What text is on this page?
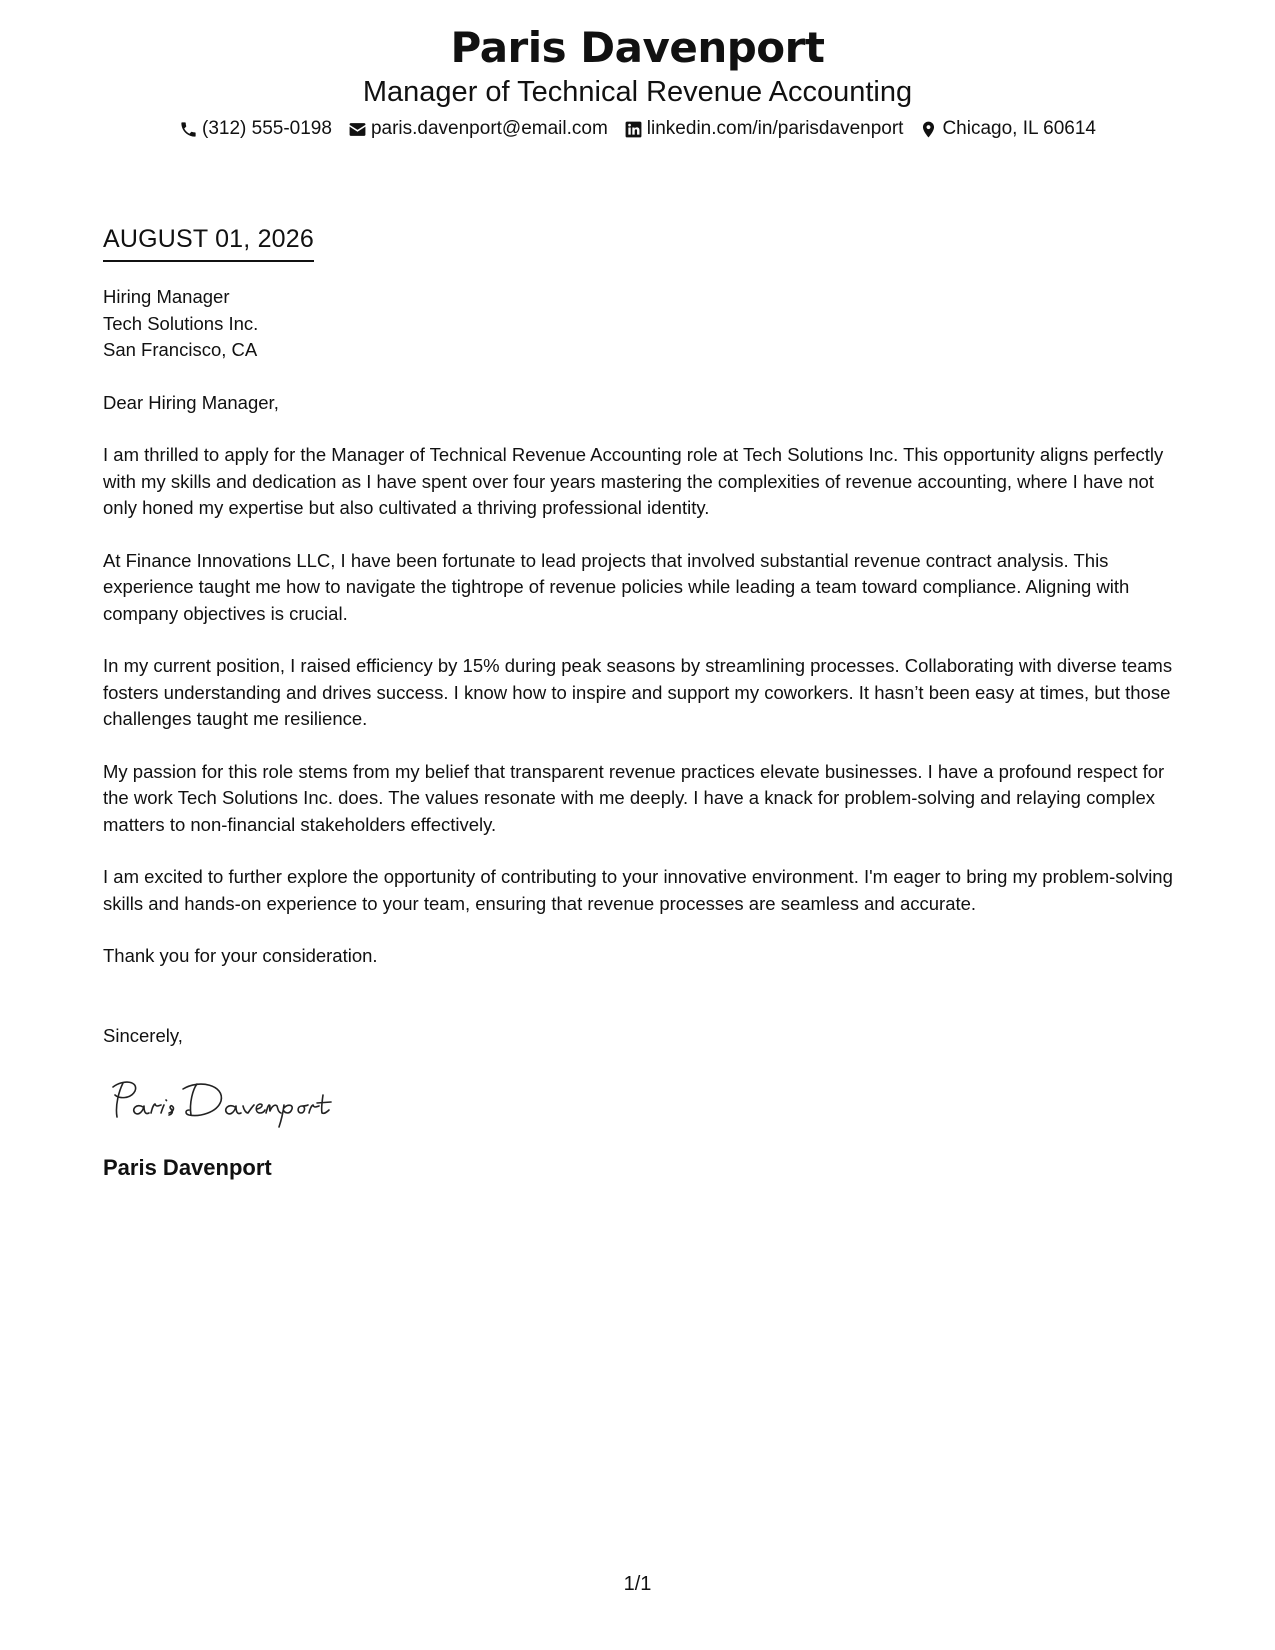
Paris Davenport
Manager of Technical Revenue Accounting
(312) 555-0198 paris.davenport@email.com linkedin.com/in/parisdavenport Chicago, IL 60614
AUGUST 01, 2026
Hiring Manager
Tech Solutions Inc.
San Francisco, CA
Dear Hiring Manager,

I am thrilled to apply for the Manager of Technical Revenue Accounting role at Tech Solutions Inc. This opportunity aligns perfectly with my skills and dedication as I have spent over four years mastering the complexities of revenue accounting, where I have not only honed my expertise but also cultivated a thriving professional identity.

At Finance Innovations LLC, I have been fortunate to lead projects that involved substantial revenue contract analysis. This experience taught me how to navigate the tightrope of revenue policies while leading a team toward compliance. Aligning with company objectives is crucial.

In my current position, I raised efficiency by 15% during peak seasons by streamlining processes. Collaborating with diverse teams fosters understanding and drives success. I know how to inspire and support my coworkers. It hasn’t been easy at times, but those challenges taught me resilience.

My passion for this role stems from my belief that transparent revenue practices elevate businesses. I have a profound respect for the work Tech Solutions Inc. does. The values resonate with me deeply. I have a knack for problem-solving and relaying complex matters to non-financial stakeholders effectively.

I am excited to further explore the opportunity of contributing to your innovative environment. I'm eager to bring my problem-solving skills and hands-on experience to your team, ensuring that revenue processes are seamless and accurate.

Thank you for your consideration.

Sincerely,
Paris Davenport
1/1
